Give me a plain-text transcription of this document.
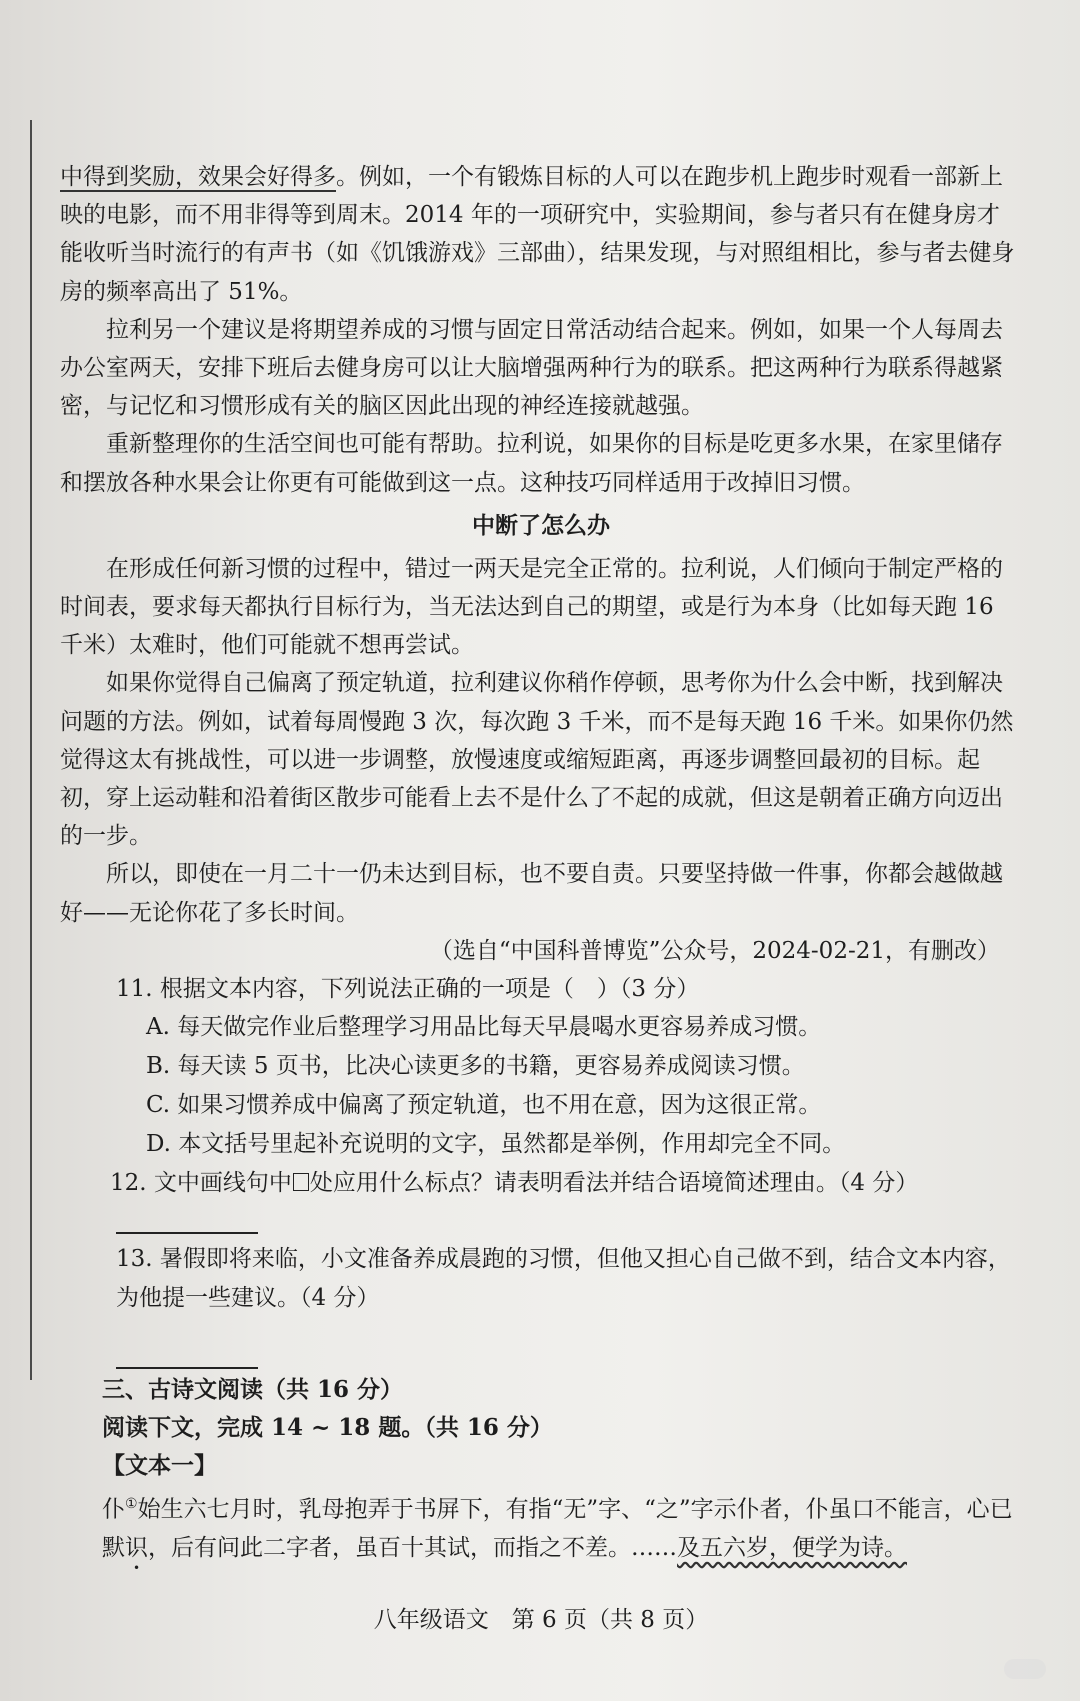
中得到奖励，效果会好得多。例如，一个有锻炼目标的人可以在跑步机上跑步时观看一部新上映的电影，而不用非得等到周末。2014 年的一项研究中，实验期间，参与者只有在健身房才能收听当时流行的有声书（如《饥饿游戏》三部曲），结果发现，与对照组相比，参与者去健身房的频率高出了 51%。

拉利另一个建议是将期望养成的习惯与固定日常活动结合起来。例如，如果一个人每周去办公室两天，安排下班后去健身房可以让大脑增强两种行为的联系。把这两种行为联系得越紧密，与记忆和习惯形成有关的脑区因此出现的神经连接就越强。

重新整理你的生活空间也可能有帮助。拉利说，如果你的目标是吃更多水果，在家里储存和摆放各种水果会让你更有可能做到这一点。这种技巧同样适用于改掉旧习惯。

中断了怎么办

在形成任何新习惯的过程中，错过一两天是完全正常的。拉利说，人们倾向于制定严格的时间表，要求每天都执行目标行为，当无法达到自己的期望，或是行为本身（比如每天跑 16 千米）太难时，他们可能就不想再尝试。

如果你觉得自己偏离了预定轨道，拉利建议你稍作停顿，思考你为什么会中断，找到解决问题的方法。例如，试着每周慢跑 3 次，每次跑 3 千米，而不是每天跑 16 千米。如果你仍然觉得这太有挑战性，可以进一步调整，放慢速度或缩短距离，再逐步调整回最初的目标。起初，穿上运动鞋和沿着街区散步可能看上去不是什么了不起的成就，但这是朝着正确方向迈出的一步。

所以，即使在一月二十一仍未达到目标，也不要自责。只要坚持做一件事，你都会越做越好——无论你花了多长时间。

（选自“中国科普博览”公众号，2024-02-21，有删改）

11. 根据文本内容，下列说法正确的一项是（　）（3 分）

A. 每天做完作业后整理学习用品比每天早晨喝水更容易养成习惯。

B. 每天读 5 页书，比决心读更多的书籍，更容易养成阅读习惯。

C. 如果习惯养成中偏离了预定轨道，也不用在意，因为这很正常。

D. 本文括号里起补充说明的文字，虽然都是举例，作用却完全不同。

12. 文中画线句中 处应用什么标点？请表明看法并结合语境简述理由。（4 分）

13. 暑假即将来临，小文准备养成晨跑的习惯，但他又担心自己做不到，结合文本内容，为他提一些建议。（4 分）

三、古诗文阅读（共 16 分）

阅读下文，完成 14 ~ 18 题。（共 16 分）

【文本一】

仆①始生六七月时，乳母抱弄于书屏下，有指“无”字、“之”字示仆者，仆虽口不能言，心已默识，后有问此二字者，虽百十其试，而指之不差。……及五六岁，便学为诗。

八年级语文　第 6 页（共 8 页）
